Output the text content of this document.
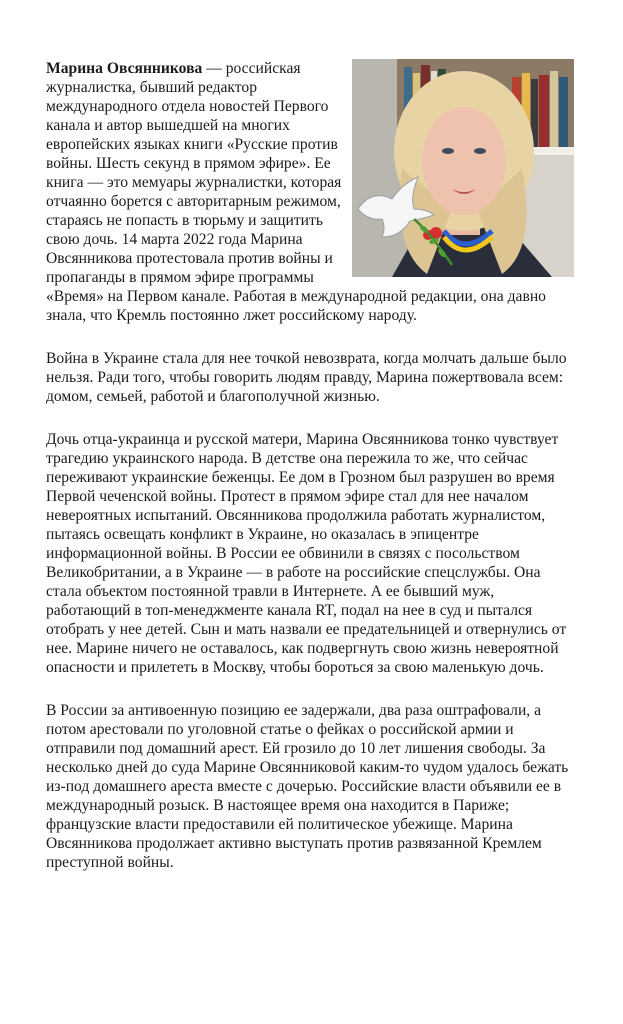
Марина Овсянникова — российская журналистка, бывший редактор международного отдела новостей Первого канала и автор вышедшей на многих европейских языках книги «Русские против войны. Шесть секунд в прямом эфире». Ее книга — это мемуары журналистки, которая отчаянно борется с авторитарным режимом, стараясь не попасть в тюрьму и защитить свою дочь. 14 марта 2022 года Марина Овсянникова протестовала против войны и пропаганды в прямом эфире программы «Время» на Первом канале. Работая в международной редакции, она давно знала, что Кремль постоянно лжет российскому народу.

Война в Украине стала для нее точкой невозврата, когда молчать дальше было нельзя. Ради того, чтобы говорить людям правду, Марина пожертвовала всем: домом, семьей, работой и благополучной жизнью.

Дочь отца-украинца и русской матери, Марина Овсянникова тонко чувствует трагедию украинского народа. В детстве она пережила то же, что сейчас переживают украинские беженцы. Ее дом в Грозном был разрушен во время Первой чеченской войны. Протест в прямом эфире стал для нее началом невероятных испытаний. Овсянникова продолжила работать журналистом, пытаясь освещать конфликт в Украине, но оказалась в эпицентре информационной войны. В России ее обвинили в связях с посольством Великобритании, а в Украине — в работе на российские спецслужбы. Она стала объектом постоянной травли в Интернете. А ее бывший муж, работающий в топ-менеджменте канала RT, подал на нее в суд и пытался отобрать у нее детей. Сын и мать назвали ее предательницей и отвернулись от нее. Марине ничего не оставалось, как подвергнуть свою жизнь невероятной опасности и прилететь в Москву, чтобы бороться за свою маленькую дочь.

В России за антивоенную позицию ее задержали, два раза оштрафовали, а потом арестовали по уголовной статье о фейках о российской армии и отправили под домашний арест. Ей грозило до 10 лет лишения свободы. За несколько дней до суда Марине Овсянниковой каким-то чудом удалось бежать из-под домашнего ареста вместе с дочерью. Российские власти объявили ее в международный розыск. В настоящее время она находится в Париже; французские власти предоставили ей политическое убежище. Марина Овсянникова продолжает активно выступать против развязанной Кремлем преступной войны.
